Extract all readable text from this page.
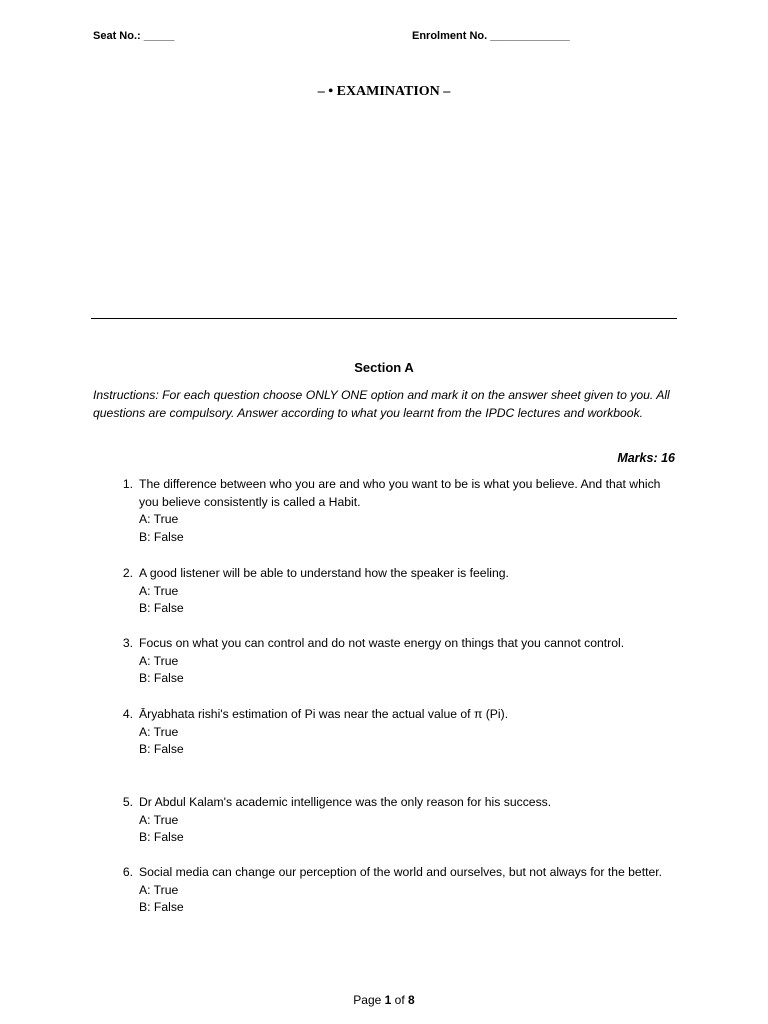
Seat No.: _____	Enrolment No. _____________
– • EXAMINATION –
Section A
Instructions: For each question choose ONLY ONE option and mark it on the answer sheet given to you. All questions are compulsory. Answer according to what you learnt from the IPDC lectures and workbook.
Marks: 16
1. The difference between who you are and who you want to be is what you believe. And that which you believe consistently is called a Habit.
A: True
B: False
2. A good listener will be able to understand how the speaker is feeling.
A: True
B: False
3. Focus on what you can control and do not waste energy on things that you cannot control.
A: True
B: False
4. Āryabhata rishi's estimation of Pi was near the actual value of π (Pi).
A: True
B: False
5. Dr Abdul Kalam's academic intelligence was the only reason for his success.
A: True
B: False
6. Social media can change our perception of the world and ourselves, but not always for the better.
A: True
B: False
Page 1 of 8
